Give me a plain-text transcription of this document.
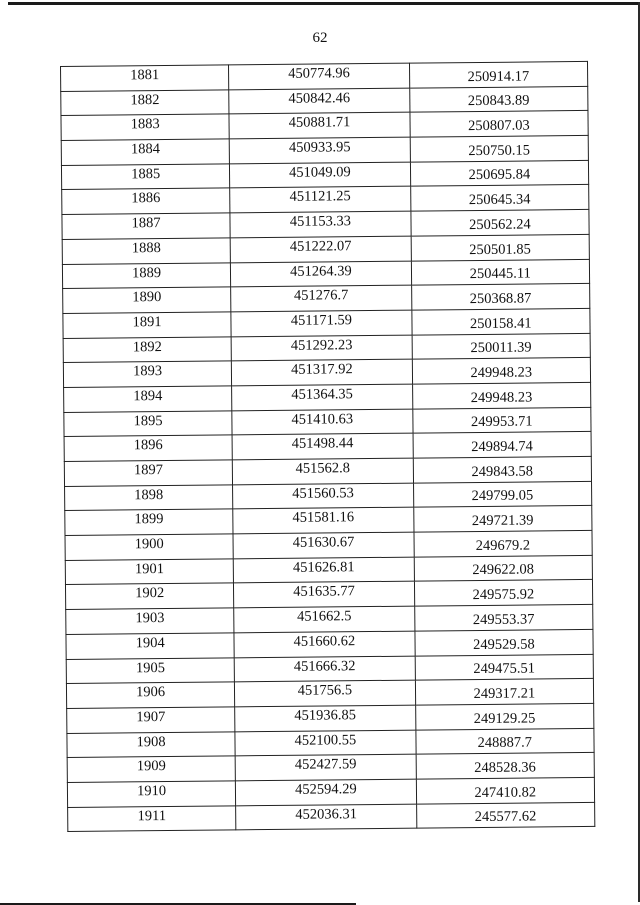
62
1881	450774.96	250914.17
1882	450842.46	250843.89
1883	450881.71	250807.03
1884	450933.95	250750.15
1885	451049.09	250695.84
1886	451121.25	250645.34
1887	451153.33	250562.24
1888	451222.07	250501.85
1889	451264.39	250445.11
1890	451276.7	250368.87
1891	451171.59	250158.41
1892	451292.23	250011.39
1893	451317.92	249948.23
1894	451364.35	249948.23
1895	451410.63	249953.71
1896	451498.44	249894.74
1897	451562.8	249843.58
1898	451560.53	249799.05
1899	451581.16	249721.39
1900	451630.67	249679.2
1901	451626.81	249622.08
1902	451635.77	249575.92
1903	451662.5	249553.37
1904	451660.62	249529.58
1905	451666.32	249475.51
1906	451756.5	249317.21
1907	451936.85	249129.25
1908	452100.55	248887.7
1909	452427.59	248528.36
1910	452594.29	247410.82
1911	452036.31	245577.62
